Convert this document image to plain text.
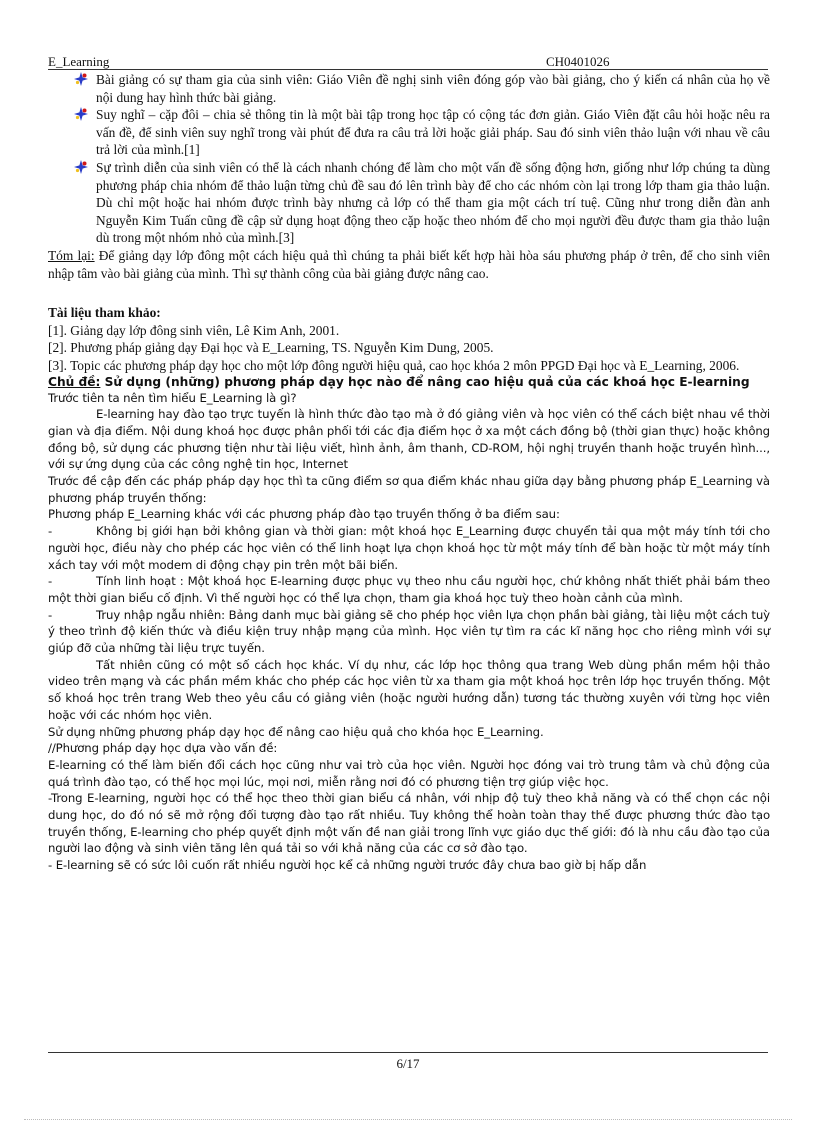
E_Learning	CH0401026

Bài giảng có sự tham gia của sinh viên: Giáo Viên đề nghị sinh viên đóng góp vào bài giảng, cho ý kiến cá nhân của họ về nội dung hay hình thức bài giảng.

Suy nghĩ – cặp đôi – chia sẻ thông tin là một bài tập trong học tập có cộng tác đơn giản. Giáo Viên đặt câu hỏi hoặc nêu ra vấn đề, để sinh viên suy nghĩ trong vài phút để đưa ra câu trả lời hoặc giải pháp. Sau đó sinh viên thảo luận với nhau về câu trả lời của mình.[1]

Sự trình diễn của sinh viên có thể là cách nhanh chóng để làm cho một vấn đề sống động hơn, giống như lớp chúng ta dùng phương pháp chia nhóm để thảo luận từng chủ đề sau đó lên trình bày để cho các nhóm còn lại trong lớp tham gia thảo luận. Dù chỉ một hoặc hai nhóm được trình bày nhưng cả lớp có thể tham gia một cách trí tuệ. Cũng như trong diễn đàn anh Nguyễn Kim Tuấn cũng đề cập sử dụng hoạt động theo cặp hoặc theo nhóm để cho mọi người đều được tham gia thảo luận dù trong một nhóm nhỏ của mình.[3]

Tóm lại: Để giảng dạy lớp đông một cách hiệu quả thì chúng ta phải biết kết hợp hài hòa sáu phương pháp ở trên, để cho sinh viên nhập tâm vào bài giảng của mình. Thì sự thành công của bài giảng được nâng cao.

Tài liệu tham khảo:

[1]. Giảng dạy lớp đông sinh viên, Lê Kim Anh, 2001.

[2]. Phương pháp giảng dạy Đại học và E_Learning, TS. Nguyễn Kim Dung, 2005.

[3]. Topic các phương pháp dạy học cho một lớp đông người hiệu quả, cao học khóa 2 môn PPGD Đại học và E_Learning, 2006.

Chủ đề: Sử dụng (những) phương pháp dạy học nào để nâng cao hiệu quả của các khoá học E-learning

Trước tiên ta nên tìm hiểu E_Learning là gì?

E-learning hay đào tạo trực tuyến là hình thức đào tạo mà ở đó giảng viên và học viên có thể cách biệt nhau về thời gian và địa điểm. Nội dung khoá học được phân phối tới các địa điểm học ở xa một cách đồng bộ (thời gian thực) hoặc không đồng bộ, sử dụng các phương tiện như tài liệu viết, hình ảnh, âm thanh, CD-ROM, hội nghị truyền thanh hoặc truyền hình..., với sự ứng dụng của các công nghệ tin học, Internet

Trước đề cập đến các pháp pháp dạy học thì ta cũng điểm sơ qua điểm khác nhau giữa dạy bằng phương pháp E_Learning và phương pháp truyền thống:

Phương pháp E_Learning khác với các phương pháp đào tạo truyền thống ở ba điểm sau:

-	Không bị giới hạn bởi không gian và thời gian: một khoá học E_Learning được chuyển tải qua một máy tính tới cho người học, điều này cho phép các học viên có thể linh hoạt lựa chọn khoá học từ một máy tính để bàn hoặc từ một máy tính xách tay với một modem di động chạy pin trên một bãi biển.

-	Tính linh hoạt : Một khoá học E-learning được phục vụ theo nhu cầu người học, chứ không nhất thiết phải bám theo một thời gian biểu cố định. Vì thế người học có thể lựa chọn, tham gia khoá học tuỳ theo hoàn cảnh của mình.

-	Truy nhập ngẫu nhiên: Bảng danh mục bài giảng sẽ cho phép học viên lựa chọn phần bài giảng, tài liệu một cách tuỳ ý theo trình độ kiến thức và điều kiện truy nhập mạng của mình. Học viên tự tìm ra các kĩ năng học cho riêng mình với sự giúp đỡ của những tài liệu trực tuyến.

Tất nhiên cũng có một số cách học khác. Ví dụ như, các lớp học thông qua trang Web dùng phần mềm hội thảo video trên mạng và các phần mềm khác cho phép các học viên từ xa tham gia một khoá học trên lớp học truyền thống. Một số khoá học trên trang Web theo yêu cầu có giảng viên (hoặc người hướng dẫn) tương tác thường xuyên với từng học viên hoặc với các nhóm học viên.

Sử dụng những phương pháp dạy học để nâng cao hiệu quả cho khóa học E_Learning.

//Phương pháp dạy học dựa vào vấn đề:

E-learning có thể làm biến đổi cách học cũng như vai trò của học viên. Người học đóng vai trò trung tâm và chủ động của quá trình đào tạo, có thể học mọi lúc, mọi nơi, miễn rằng nơi đó có phương tiện trợ giúp việc học.

-Trong E-learning, người học có thể học theo thời gian biểu cá nhân, với nhịp độ tuỳ theo khả năng và có thể chọn các nội dung học, do đó nó sẽ mở rộng đối tượng đào tạo rất nhiều. Tuy không thể hoàn toàn thay thế được phương thức đào tạo truyền thống, E-learning cho phép quyết định một vấn đề nan giải trong lĩnh vực giáo dục thế giới: đó là nhu cầu đào tạo của người lao động và sinh viên tăng lên quá tải so với khả năng của các cơ sở đào tạo.

- E-learning sẽ có sức lôi cuốn rất nhiều người học kể cả những người trước đây chưa bao giờ bị hấp dẫn

6/17
